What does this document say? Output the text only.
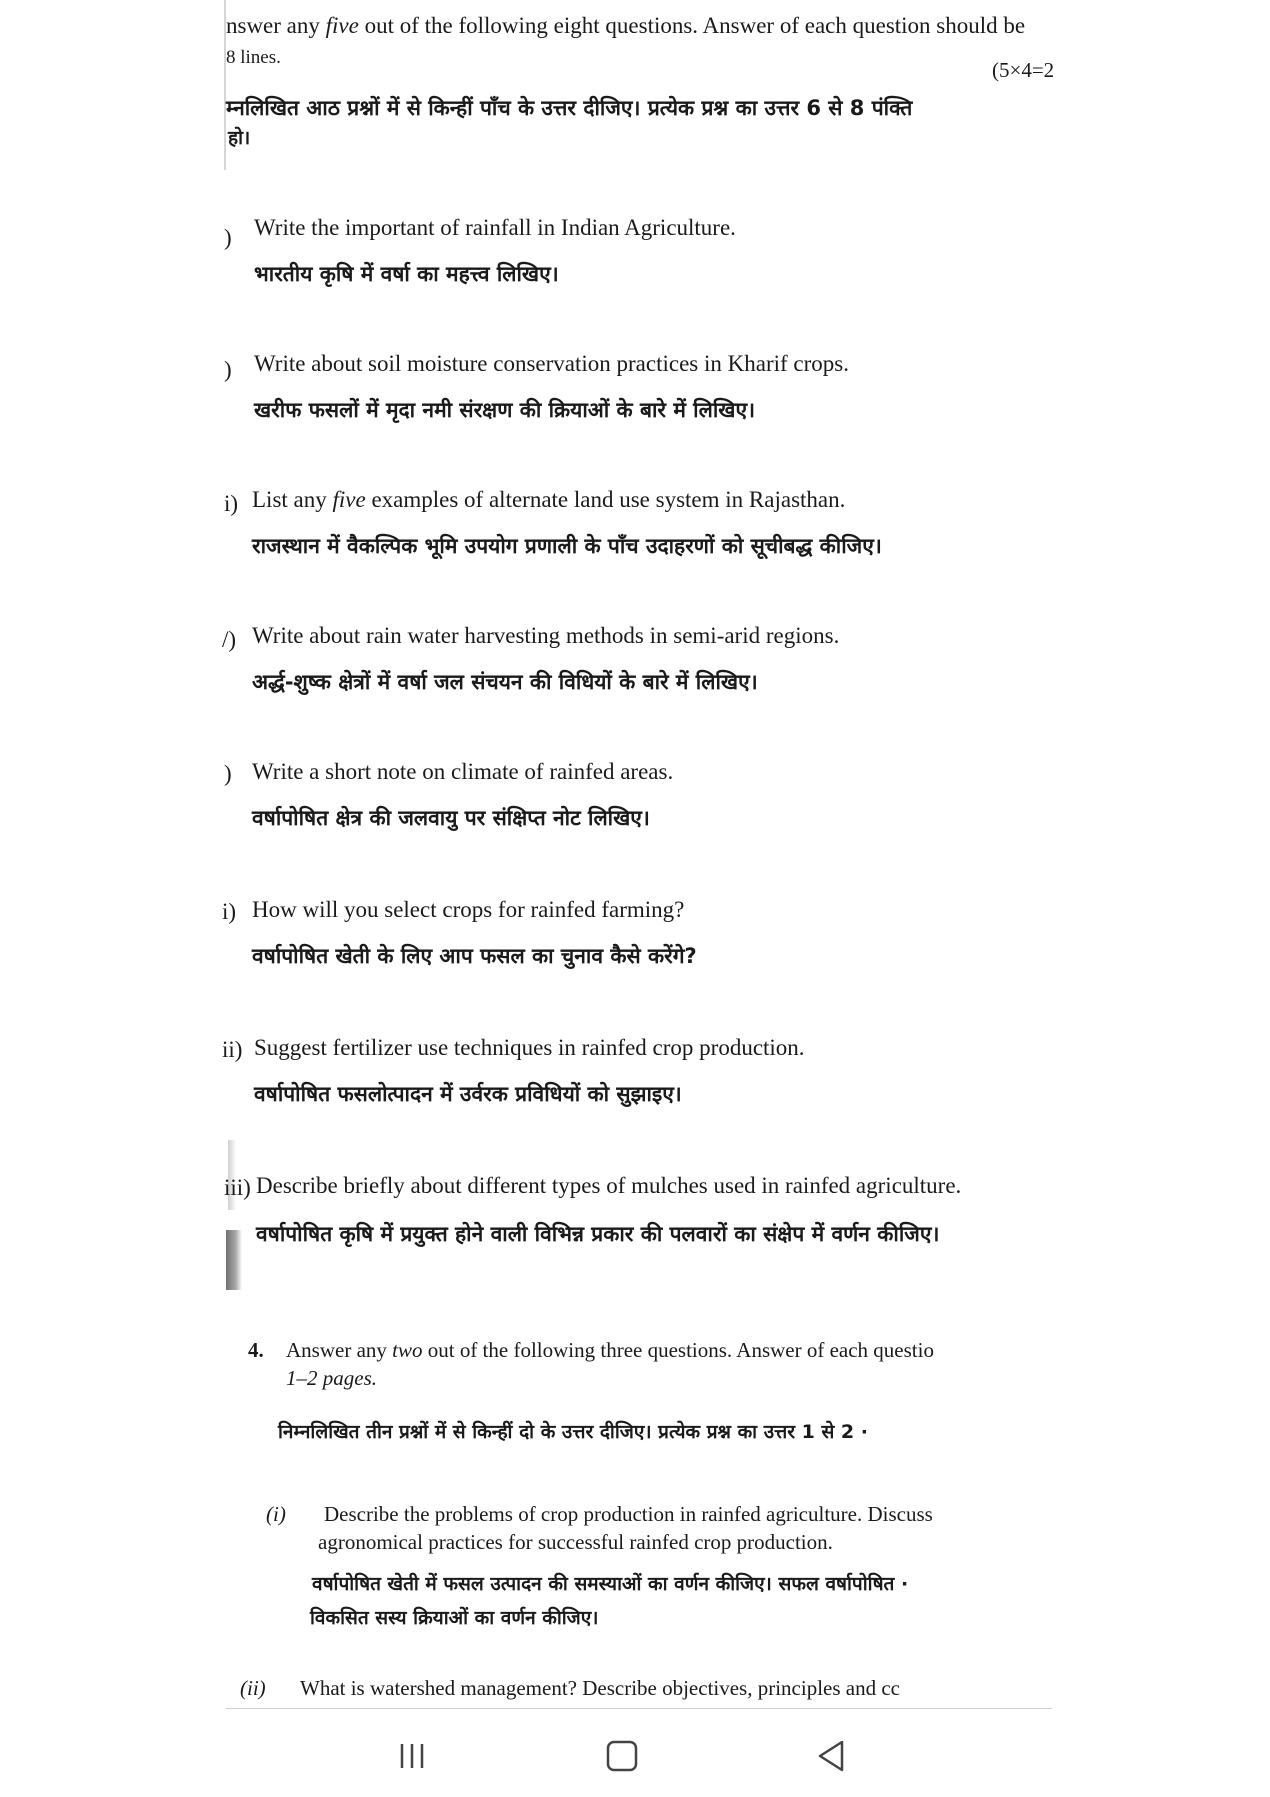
nswer any five out of the following eight questions. Answer of each question should be
8 lines.
(5×4=2
म्नलिखित आठ प्रश्नों में से किन्हीं पाँच के उत्तर दीजिए। प्रत्येक प्रश्न का उत्तर 6 से 8 पंक्ति
हो।
) Write the important of rainfall in Indian Agriculture.
भारतीय कृषि में वर्षा का महत्त्व लिखिए।
) Write about soil moisture conservation practices in Kharif crops.
खरीफ फसलों में मृदा नमी संरक्षण की क्रियाओं के बारे में लिखिए।
i) List any five examples of alternate land use system in Rajasthan.
राजस्थान में वैकल्पिक भूमि उपयोग प्रणाली के पाँच उदाहरणों को सूचीबद्ध कीजिए।
/) Write about rain water harvesting methods in semi-arid regions.
अर्द्ध-शुष्क क्षेत्रों में वर्षा जल संचयन की विधियों के बारे में लिखिए।
) Write a short note on climate of rainfed areas.
वर्षापोषित क्षेत्र की जलवायु पर संक्षिप्त नोट लिखिए।
i) How will you select crops for rainfed farming?
वर्षापोषित खेती के लिए आप फसल का चुनाव कैसे करेंगे?
ii) Suggest fertilizer use techniques in rainfed crop production.
वर्षापोषित फसलोत्पादन में उर्वरक प्रविधियों को सुझाइए।
iii) Describe briefly about different types of mulches used in rainfed agriculture.
वर्षापोषित कृषि में प्रयुक्त होने वाली विभिन्न प्रकार की पलवारों का संक्षेप में वर्णन कीजिए।
4. Answer any two out of the following three questions. Answer of each questio
1–2 pages.
निम्नलिखित तीन प्रश्नों में से किन्हीं दो के उत्तर दीजिए। प्रत्येक प्रश्न का उत्तर 1 से 2 ·
(i) Describe the problems of crop production in rainfed agriculture. Discuss
agronomical practices for successful rainfed crop production.
वर्षापोषित खेती में फसल उत्पादन की समस्याओं का वर्णन कीजिए। सफल वर्षापोषित ·
विकसित सस्य क्रियाओं का वर्णन कीजिए।
(ii) What is watershed management? Describe objectives, principles and cc
